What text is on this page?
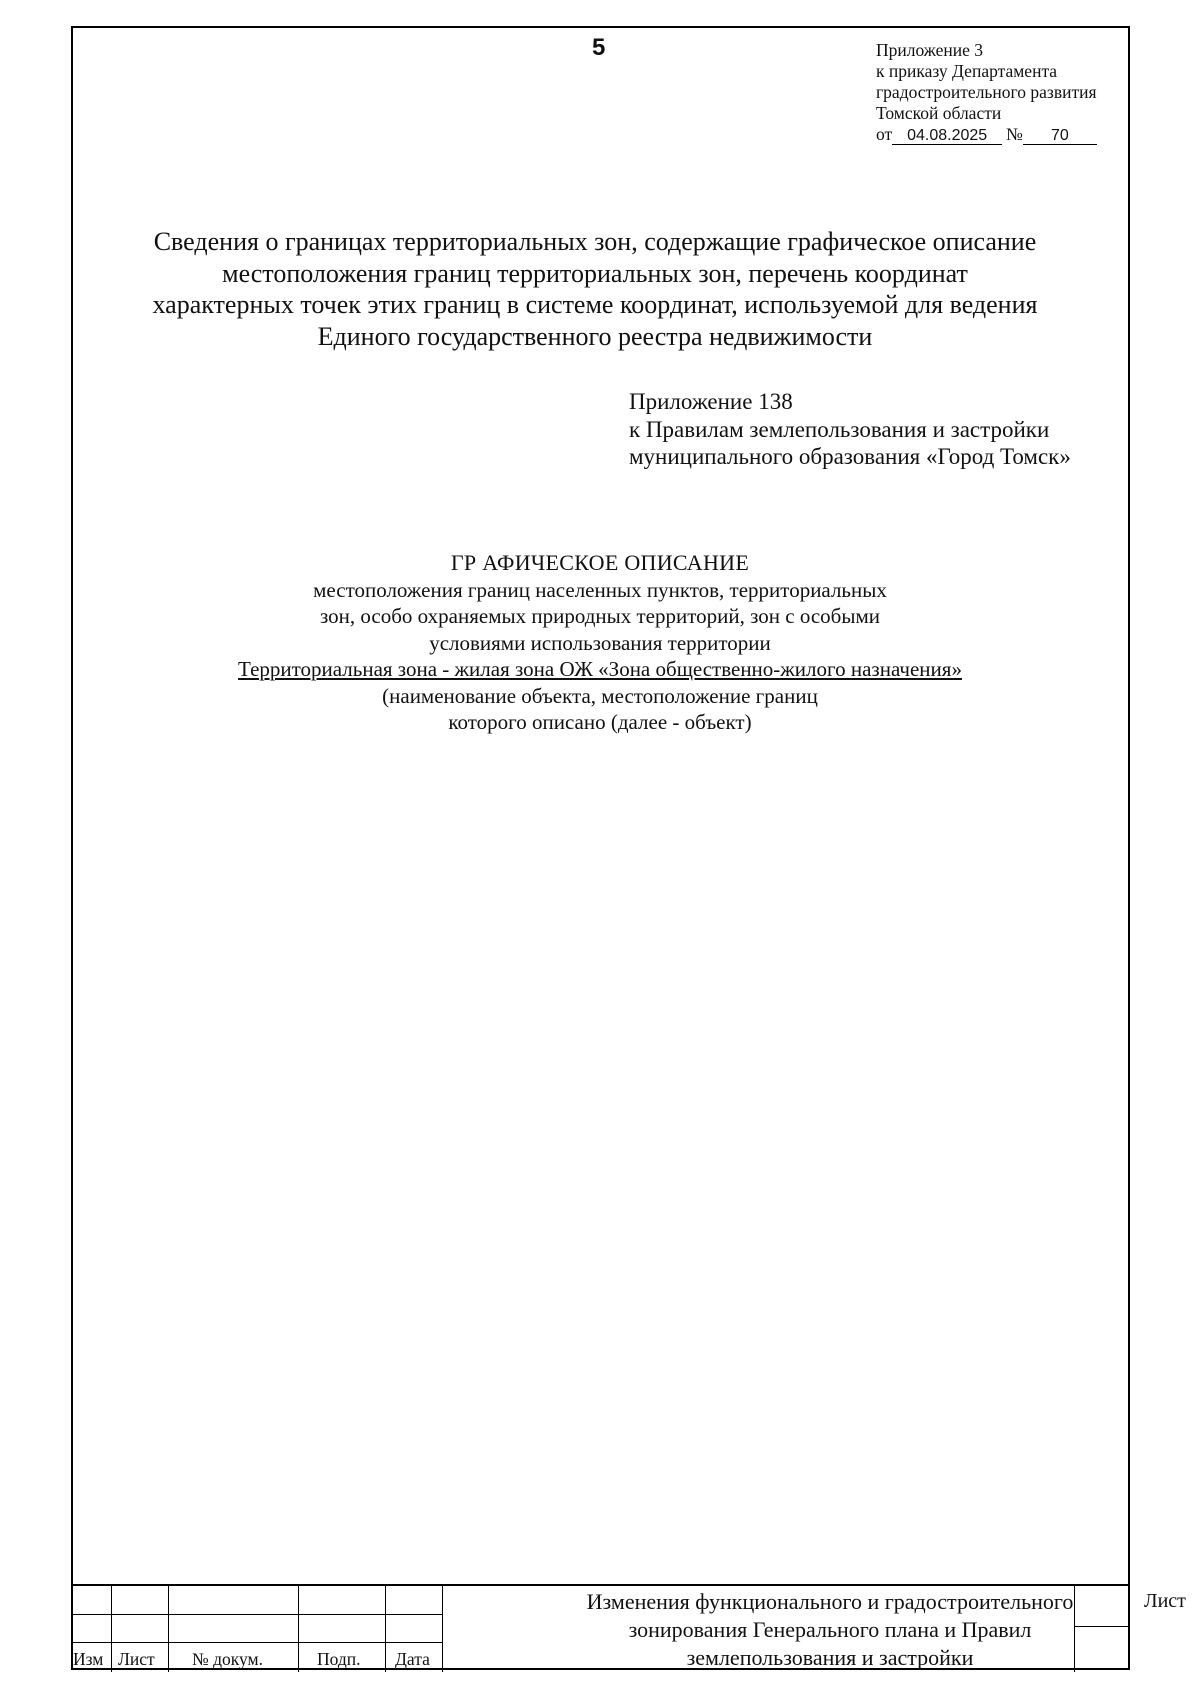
5	Приложение 3
к приказу Департамента
градостроительного развития
Томской области
от 04.08.2025 № 70
Сведения о границах территориальных зон, содержащие графическое описание
местоположения границ территориальных зон, перечень координат
характерных точек этих границ в системе координат, используемой для ведения
Единого государственного реестра недвижимости
Приложение 138
к Правилам землепользования и застройки
муниципального образования «Город Томск»
ГР АФИЧЕСКОЕ ОПИСАНИЕ
местоположения границ населенных пунктов, территориальных
зон, особо охраняемых природных территорий, зон с особыми
условиями использования территории
Территориальная зона - жилая зона ОЖ «Зона общественно-жилого назначения»
(наименование объекта, местоположение границ
которого описано (далее - объект)
Изм Лист № докум.	Подп. Дата
Изменения функционального и градостроительного
зонирования Генерального плана и Правил
землепользования и застройки
Лист
